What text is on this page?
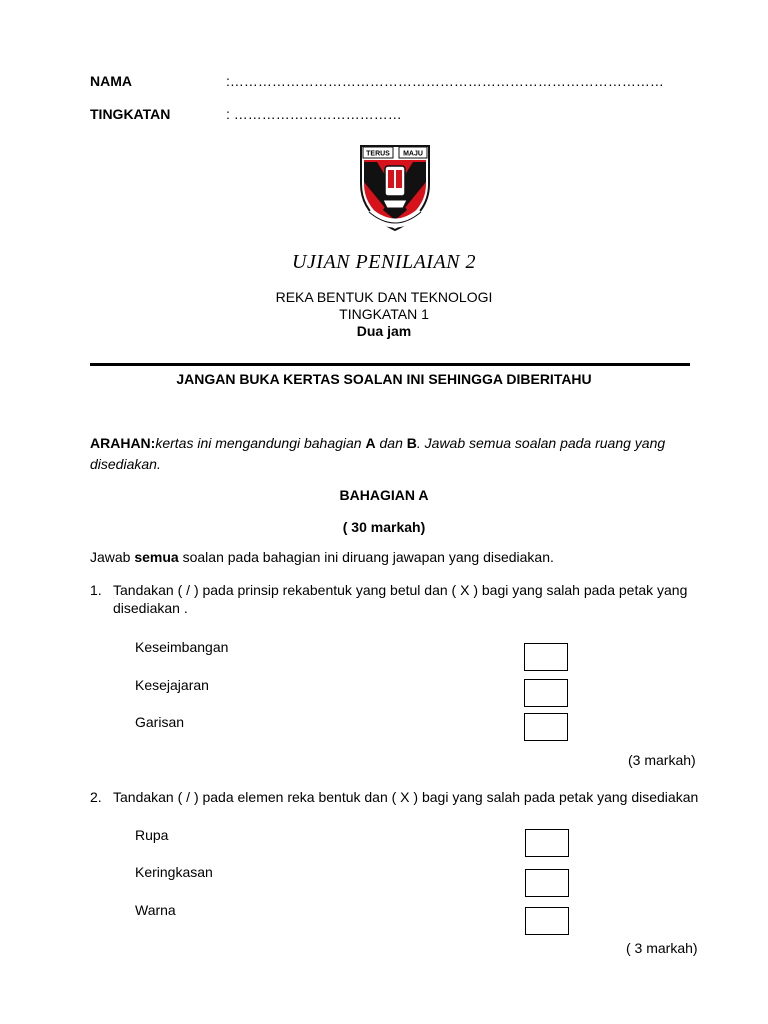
NAMA	:…………………………………………………………………………………
TINGKATAN	: ………………………………
TERUS MAJU
UJIAN PENILAIAN 2
REKA BENTUK DAN TEKNOLOGI
TINGKATAN 1
Dua jam
JANGAN BUKA KERTAS SOALAN INI SEHINGGA DIBERITAHU
ARAHAN:kertas ini mengandungi bahagian A dan B. Jawab semua soalan pada ruang yang
disediakan.
BAHAGIAN A
( 30 markah)
Jawab semua soalan pada bahagian ini diruang jawapan yang disediakan.
1. Tandakan ( / ) pada prinsip rekabentuk yang betul dan ( X ) bagi yang salah pada petak yang
disediakan .
Keseimbangan
Kesejajaran
Garisan
(3 markah)
2. Tandakan ( / ) pada elemen reka bentuk dan ( X ) bagi yang salah pada petak yang disediakan
Rupa
Keringkasan
Warna
( 3 markah)
